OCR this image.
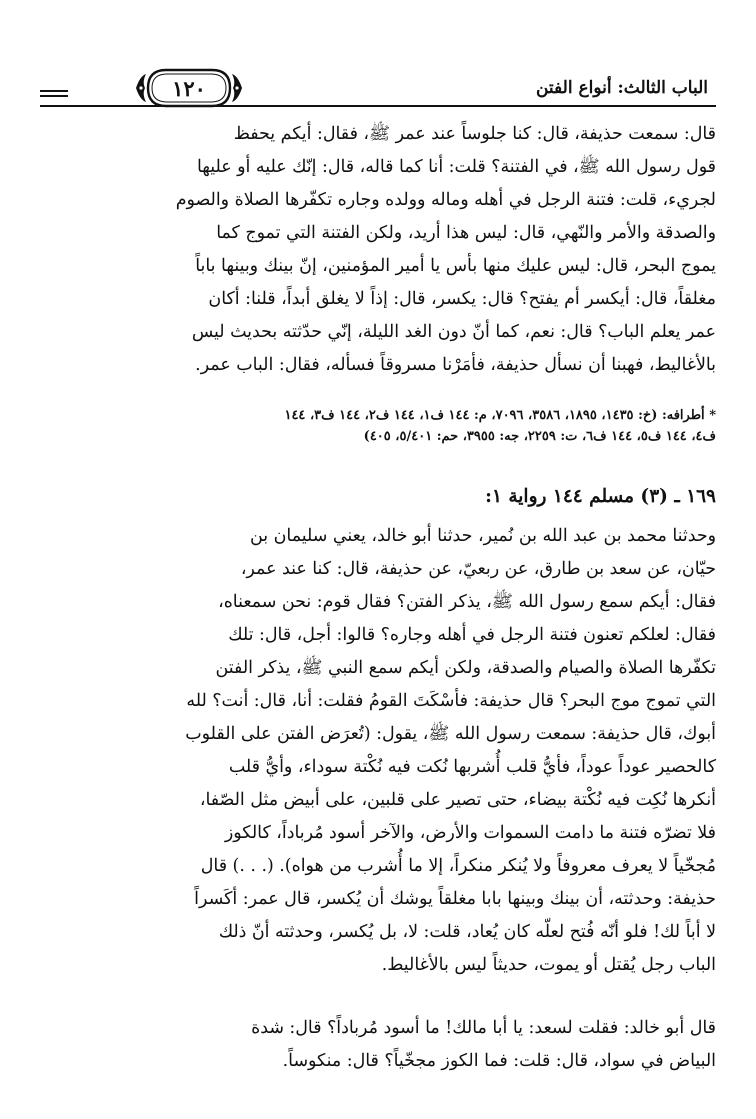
الباب الثالث: أنواع الفتن
١٢٠

قال: سمعت حذيفة، قال: كنا جلوساً عند عمر ﷺ، فقال: أيكم يحفظ
قول رسول الله ﷺ، في الفتنة؟ قلت: أنا كما قاله، قال: إنّك عليه أو عليها
لجريء، قلت: فتنة الرجل في أهله وماله وولده وجاره تكفّرها الصلاة والصوم
والصدقة والأمر والنّهي، قال: ليس هذا أريد، ولكن الفتنة التي تموج كما
يموج البحر، قال: ليس عليك منها بأس يا أمير المؤمنين، إنّ بينك وبينها باباً
مغلقاً، قال: أيكسر أم يفتح؟ قال: يكسر، قال: إذاً لا يغلق أبداً، قلنا: أكان
عمر يعلم الباب؟ قال: نعم، كما أنّ دون الغد الليلة، إنّي حدّثته بحديث ليس
بالأغاليط، فهبنا أن نسأل حذيفة، فأمَرْنا مسروقاً فسأله، فقال: الباب عمر.

* أطرافه: (خ: ١٤٣٥، ١٨٩٥، ٣٥٨٦، ٧٠٩٦، م: ١٤٤ ف١، ١٤٤ ف٢، ١٤٤ ف٣، ١٤٤
ف٤، ١٤٤ ف٥، ١٤٤ ف٦، ت: ٢٢٥٩، جه: ٣٩٥٥، حم: ٥/٤٠١، ٤٠٥)

١٦٩ ـ (٣) مسلم ١٤٤ رواية ١:

وحدثنا محمد بن عبد الله بن نُمير، حدثنا أبو خالد، يعني سليمان بن
حيّان، عن سعد بن طارق، عن ربعيّ، عن حذيفة، قال: كنا عند عمر،
فقال: أيكم سمع رسول الله ﷺ، يذكر الفتن؟ فقال قوم: نحن سمعناه،
فقال: لعلكم تعنون فتنة الرجل في أهله وجاره؟ قالوا: أجل، قال: تلك
تكفّرها الصلاة والصيام والصدقة، ولكن أيكم سمع النبي ﷺ، يذكر الفتن
التي تموج موج البحر؟ قال حذيفة: فأسْكَتَ القومُ فقلت: أنا، قال: أنت؟ لله
أبوك، قال حذيفة: سمعت رسول الله ﷺ، يقول: (تُعرَض الفتن على القلوب
كالحصير عوداً عوداً، فأيُّ قلب أُشربها نُكت فيه نُكْتة سوداء، وأيُّ قلب
أنكرها نُكِت فيه نُكْتة بيضاء، حتى تصير على قلبين، على أبيض مثل الصّفا،
فلا تضرّه فتنة ما دامت السموات والأرض، والآخر أسود مُرباداً، كالكوز
مُجخّياً لا يعرف معروفاً ولا يُنكر منكراً، إلا ما أُشرب من هواه). (. . .) قال
حذيفة: وحدثته، أن بينك وبينها بابا مغلقاً يوشك أن يُكسر، قال عمر: أكَسراً
لا أباً لك! فلو أنّه فُتح لعلّه كان يُعاد، قلت: لا، بل يُكسر، وحدثته أنّ ذلك
الباب رجل يُقتل أو يموت، حديثاً ليس بالأغاليط.

قال أبو خالد: فقلت لسعد: يا أبا مالك! ما أسود مُرباداً؟ قال: شدة
البياض في سواد، قال: قلت: فما الكوز مجخّياً؟ قال: منكوساً.
